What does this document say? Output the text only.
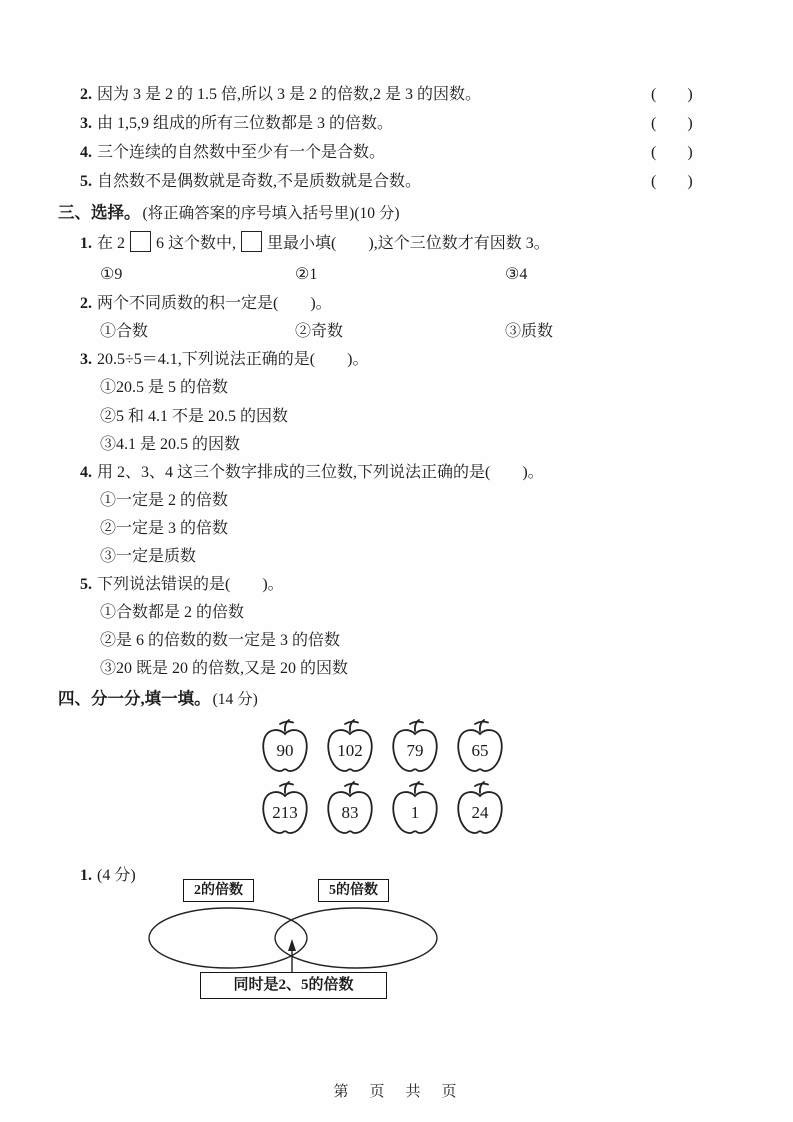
2. 因为 3 是 2 的 1.5 倍,所以 3 是 2 的倍数,2 是 3 的因数。	(      )
3. 由 1,5,9 组成的所有三位数都是 3 的倍数。	(      )
4. 三个连续的自然数中至少有一个是合数。	(      )
5. 自然数不是偶数就是奇数,不是质数就是合数。	(      )
三、选择。 (将正确答案的序号填入括号里)(10 分)
1. 在 2 6 这个数中, 里最小填(　　),这个三位数才有因数 3。
①9	②1	③4
2. 两个不同质数的积一定是(　　)。
①合数	②奇数	③质数
3. 20.5÷5＝4.1,下列说法正确的是(　　)。
①20.5 是 5 的倍数
②5 和 4.1 不是 20.5 的因数
③4.1 是 20.5 的因数
4. 用 2、3、4 这三个数字排成的三位数,下列说法正确的是(　　)。
①一定是 2 的倍数
②一定是 3 的倍数
③一定是质数
5. 下列说法错误的是(　　)。
①合数都是 2 的倍数
②是 6 的倍数的数一定是 3 的倍数
③20 既是 20 的倍数,又是 20 的因数
四、分一分,填一填。 (14 分)
90	102	79	65
213	83	1	24
1. (4 分)
2的倍数	5的倍数
同时是2、5的倍数
第　页　共　页
